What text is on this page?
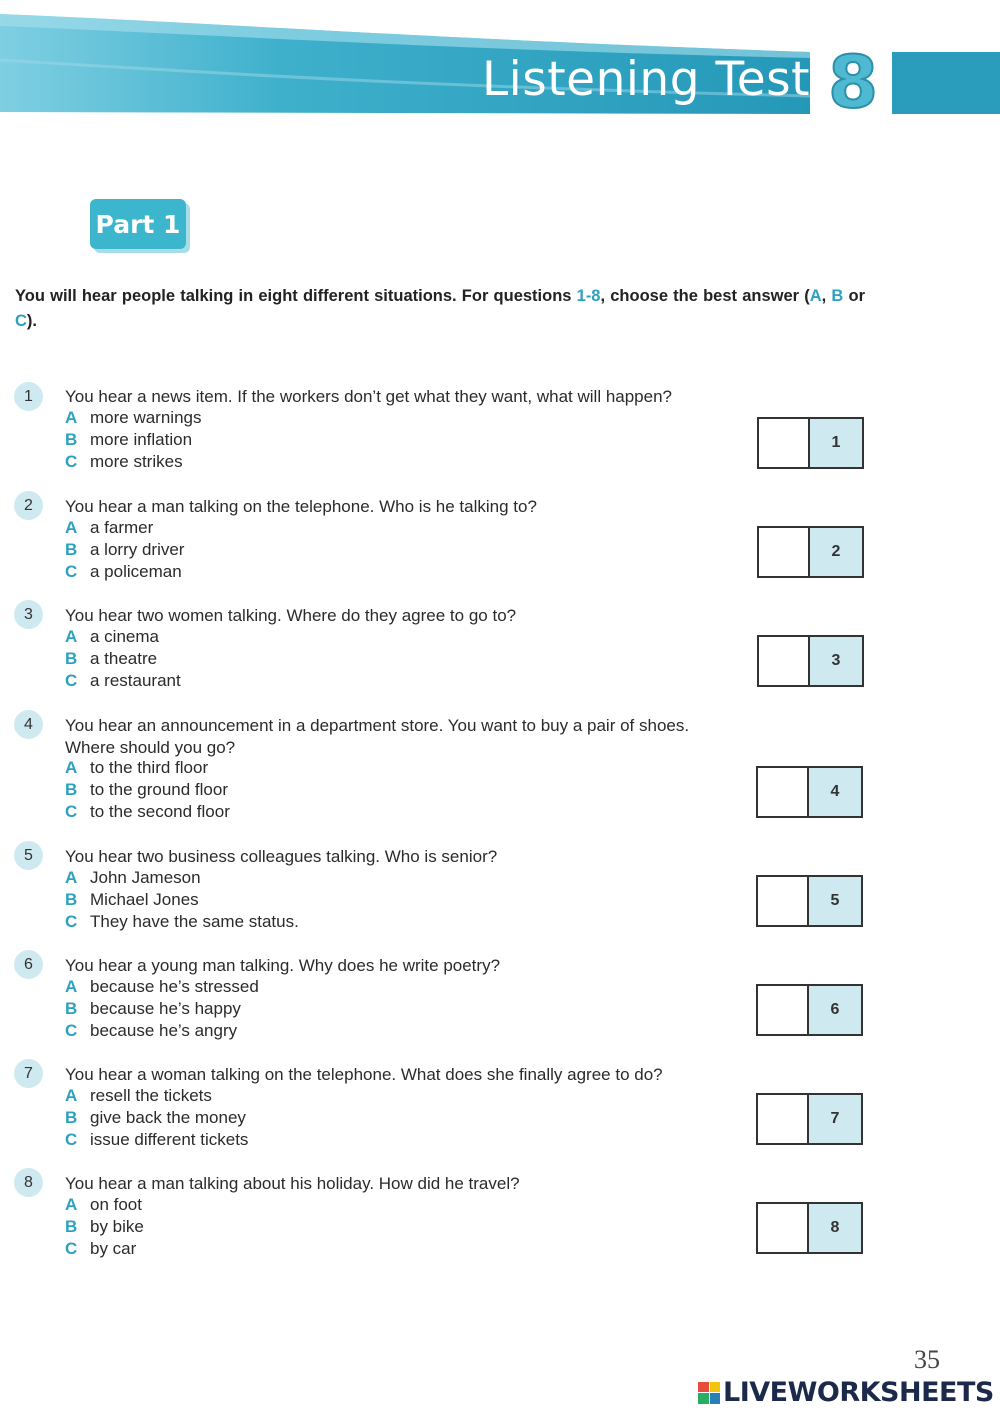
Listening Test 8
Part 1
You will hear people talking in eight different situations. For questions 1-8, choose the best answer (A, B or C).
1	You hear a news item. If the workers don’t get what they want, what will happen?
A more warnings
B more inflation
C more strikes
1
2	You hear a man talking on the telephone. Who is he talking to?
A a farmer
B a lorry driver
C a policeman
2
3	You hear two women talking. Where do they agree to go to?
A a cinema
B a theatre
C a restaurant
3
4	You hear an announcement in a department store. You want to buy a pair of shoes. Where should you go?
A to the third floor
B to the ground floor
C to the second floor
4
5	You hear two business colleagues talking. Who is senior?
A John Jameson
B Michael Jones
C They have the same status.
5
6	You hear a young man talking. Why does he write poetry?
A because he’s stressed
B because he’s happy
C because he’s angry
6
7	You hear a woman talking on the telephone. What does she finally agree to do?
A resell the tickets
B give back the money
C issue different tickets
7
8	You hear a man talking about his holiday. How did he travel?
A on foot
B by bike
C by car
8
35
LIVEWORKSHEETS
